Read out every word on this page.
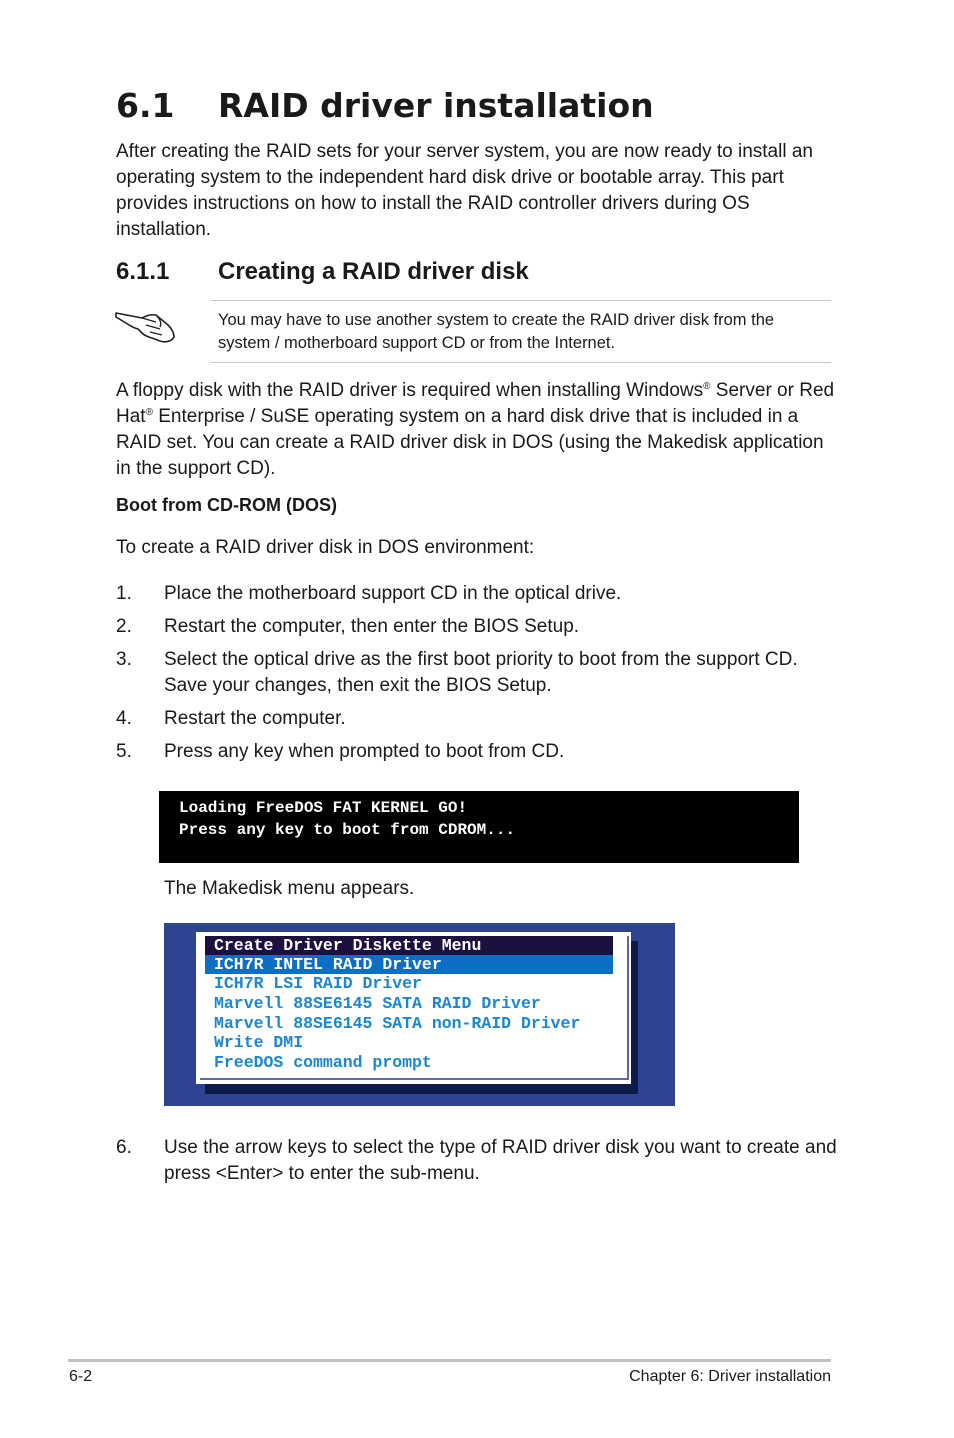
6.1 RAID driver installation
After creating the RAID sets for your server system, you are now ready to install an operating system to the independent hard disk drive or bootable array. This part provides instructions on how to install the RAID controller drivers during OS installation.
6.1.1 Creating a RAID driver disk
You may have to use another system to create the RAID driver disk from the system / motherboard support CD or from the Internet.
A floppy disk with the RAID driver is required when installing Windows® Server or Red Hat® Enterprise / SuSE operating system on a hard disk drive that is included in a RAID set. You can create a RAID driver disk in DOS (using the Makedisk application in the support CD).
Boot from CD-ROM (DOS)
To create a RAID driver disk in DOS environment:
1. Place the motherboard support CD in the optical drive.
2. Restart the computer, then enter the BIOS Setup.
3. Select the optical drive as the first boot priority to boot from the support CD. Save your changes, then exit the BIOS Setup.
4. Restart the computer.
5. Press any key when prompted to boot from CD.
Loading FreeDOS FAT KERNEL GO!
Press any key to boot from CDROM...
The Makedisk menu appears.
Create Driver Diskette Menu
ICH7R INTEL RAID Driver
ICH7R LSI RAID Driver
Marvell 88SE6145 SATA RAID Driver
Marvell 88SE6145 SATA non-RAID Driver
Write DMI
FreeDOS command prompt
6. Use the arrow keys to select the type of RAID driver disk you want to create and press <Enter> to enter the sub-menu.
6-2	Chapter 6: Driver installation
